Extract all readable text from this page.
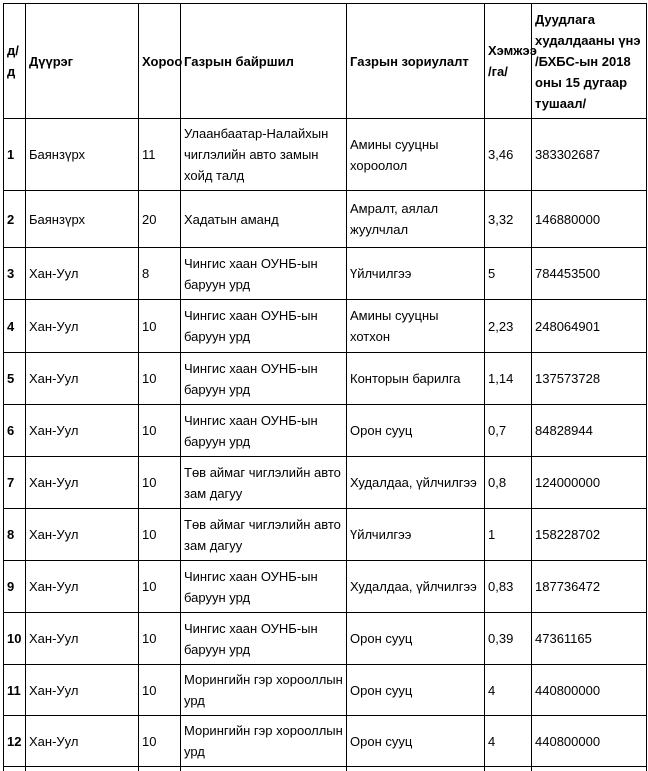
д/д	Дүүрэг	Хороо	Газрын байршил	Газрын зориулалт	Хэмжээ /га/	Дуудлага худалдааны үнэ /БХБС-ын 2018 оны 15 дугаар тушаал/
1	Баянзүрх	11	Улаанбаатар-Налайхын чиглэлийн авто замын хойд талд	Амины сууцны хороолол	3,46	383302687
2	Баянзүрх	20	Хадатын аманд	Амралт, аялал жуулчлал	3,32	146880000
3	Хан-Уул	8	Чингис хаан ОУНБ-ын баруун урд	Үйлчилгээ	5	784453500
4	Хан-Уул	10	Чингис хаан ОУНБ-ын баруун урд	Амины сууцны хотхон	2,23	248064901
5	Хан-Уул	10	Чингис хаан ОУНБ-ын баруун урд	Конторын барилга	1,14	137573728
6	Хан-Уул	10	Чингис хаан ОУНБ-ын баруун урд	Орон сууц	0,7	84828944
7	Хан-Уул	10	Төв аймаг чиглэлийн авто зам дагуу	Худалдаа, үйлчилгээ	0,8	124000000
8	Хан-Уул	10	Төв аймаг чиглэлийн авто зам дагуу	Үйлчилгээ	1	158228702
9	Хан-Уул	10	Чингис хаан ОУНБ-ын баруун урд	Худалдаа, үйлчилгээ	0,83	187736472
10	Хан-Уул	10	Чингис хаан ОУНБ-ын баруун урд	Орон сууц	0,39	47361165
11	Хан-Уул	10	Морингийн гэр хорооллын урд	Орон сууц	4	440800000
12	Хан-Уул	10	Морингийн гэр хорооллын урд	Орон сууц	4	440800000
